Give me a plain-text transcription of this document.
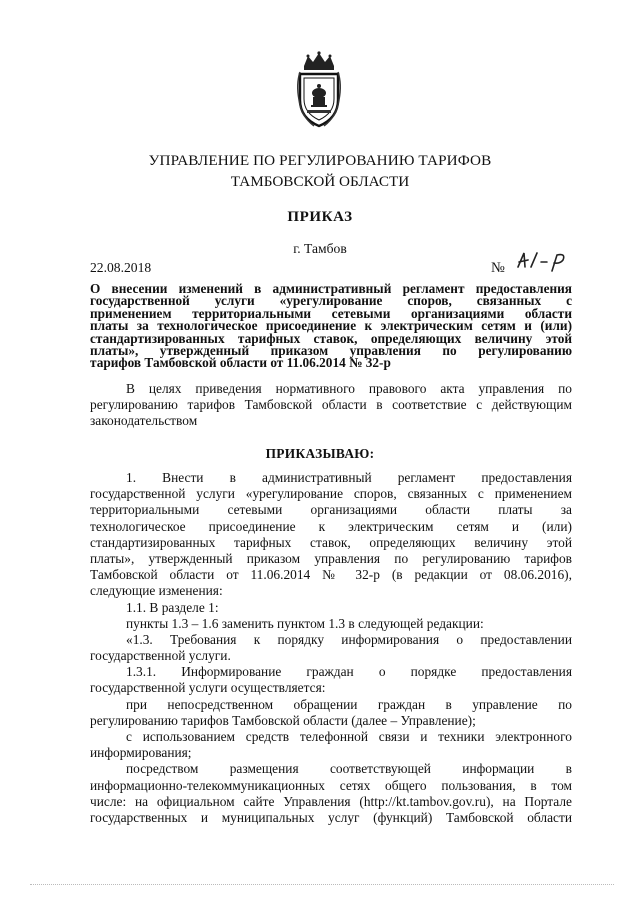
УПРАВЛЕНИЕ ПО РЕГУЛИРОВАНИЮ ТАРИФОВ
ТАМБОВСКОЙ ОБЛАСТИ
ПРИКАЗ
г. Тамбов
22.08.2018	№
О внесении изменений в административный регламент предоставления
государственной услуги «урегулирование споров, связанных с
применением территориальными сетевыми организациями области
платы за технологическое присоединение к электрическим сетям и (или)
стандартизированных тарифных ставок, определяющих величину этой
платы», утвержденный приказом управления по регулированию
тарифов Тамбовской области от 11.06.2014 № 32-р
В целях приведения нормативного правового акта управления по
регулированию тарифов Тамбовской области в соответствие с действующим
законодательством
ПРИКАЗЫВАЮ:
1. Внести в административный регламент предоставления
государственной услуги «урегулирование споров, связанных с применением
территориальными сетевыми организациями области платы за
технологическое присоединение к электрическим сетям и (или)
стандартизированных тарифных ставок, определяющих величину этой
платы», утвержденный приказом управления по регулированию тарифов
Тамбовской области от 11.06.2014 № 32-р (в редакции от 08.06.2016),
следующие изменения:
1.1. В разделе 1:
пункты 1.3 – 1.6 заменить пунктом 1.3 в следующей редакции:
«1.3. Требования к порядку информирования о предоставлении
государственной услуги.
1.3.1. Информирование граждан о порядке предоставления
государственной услуги осуществляется:
при непосредственном обращении граждан в управление по
регулированию тарифов Тамбовской области (далее – Управление);
с использованием средств телефонной связи и техники электронного
информирования;
посредством размещения соответствующей информации в
информационно-телекоммуникационных сетях общего пользования, в том
числе: на официальном сайте Управления (http://kt.tambov.gov.ru), на Портале
государственных и муниципальных услуг (функций) Тамбовской области
